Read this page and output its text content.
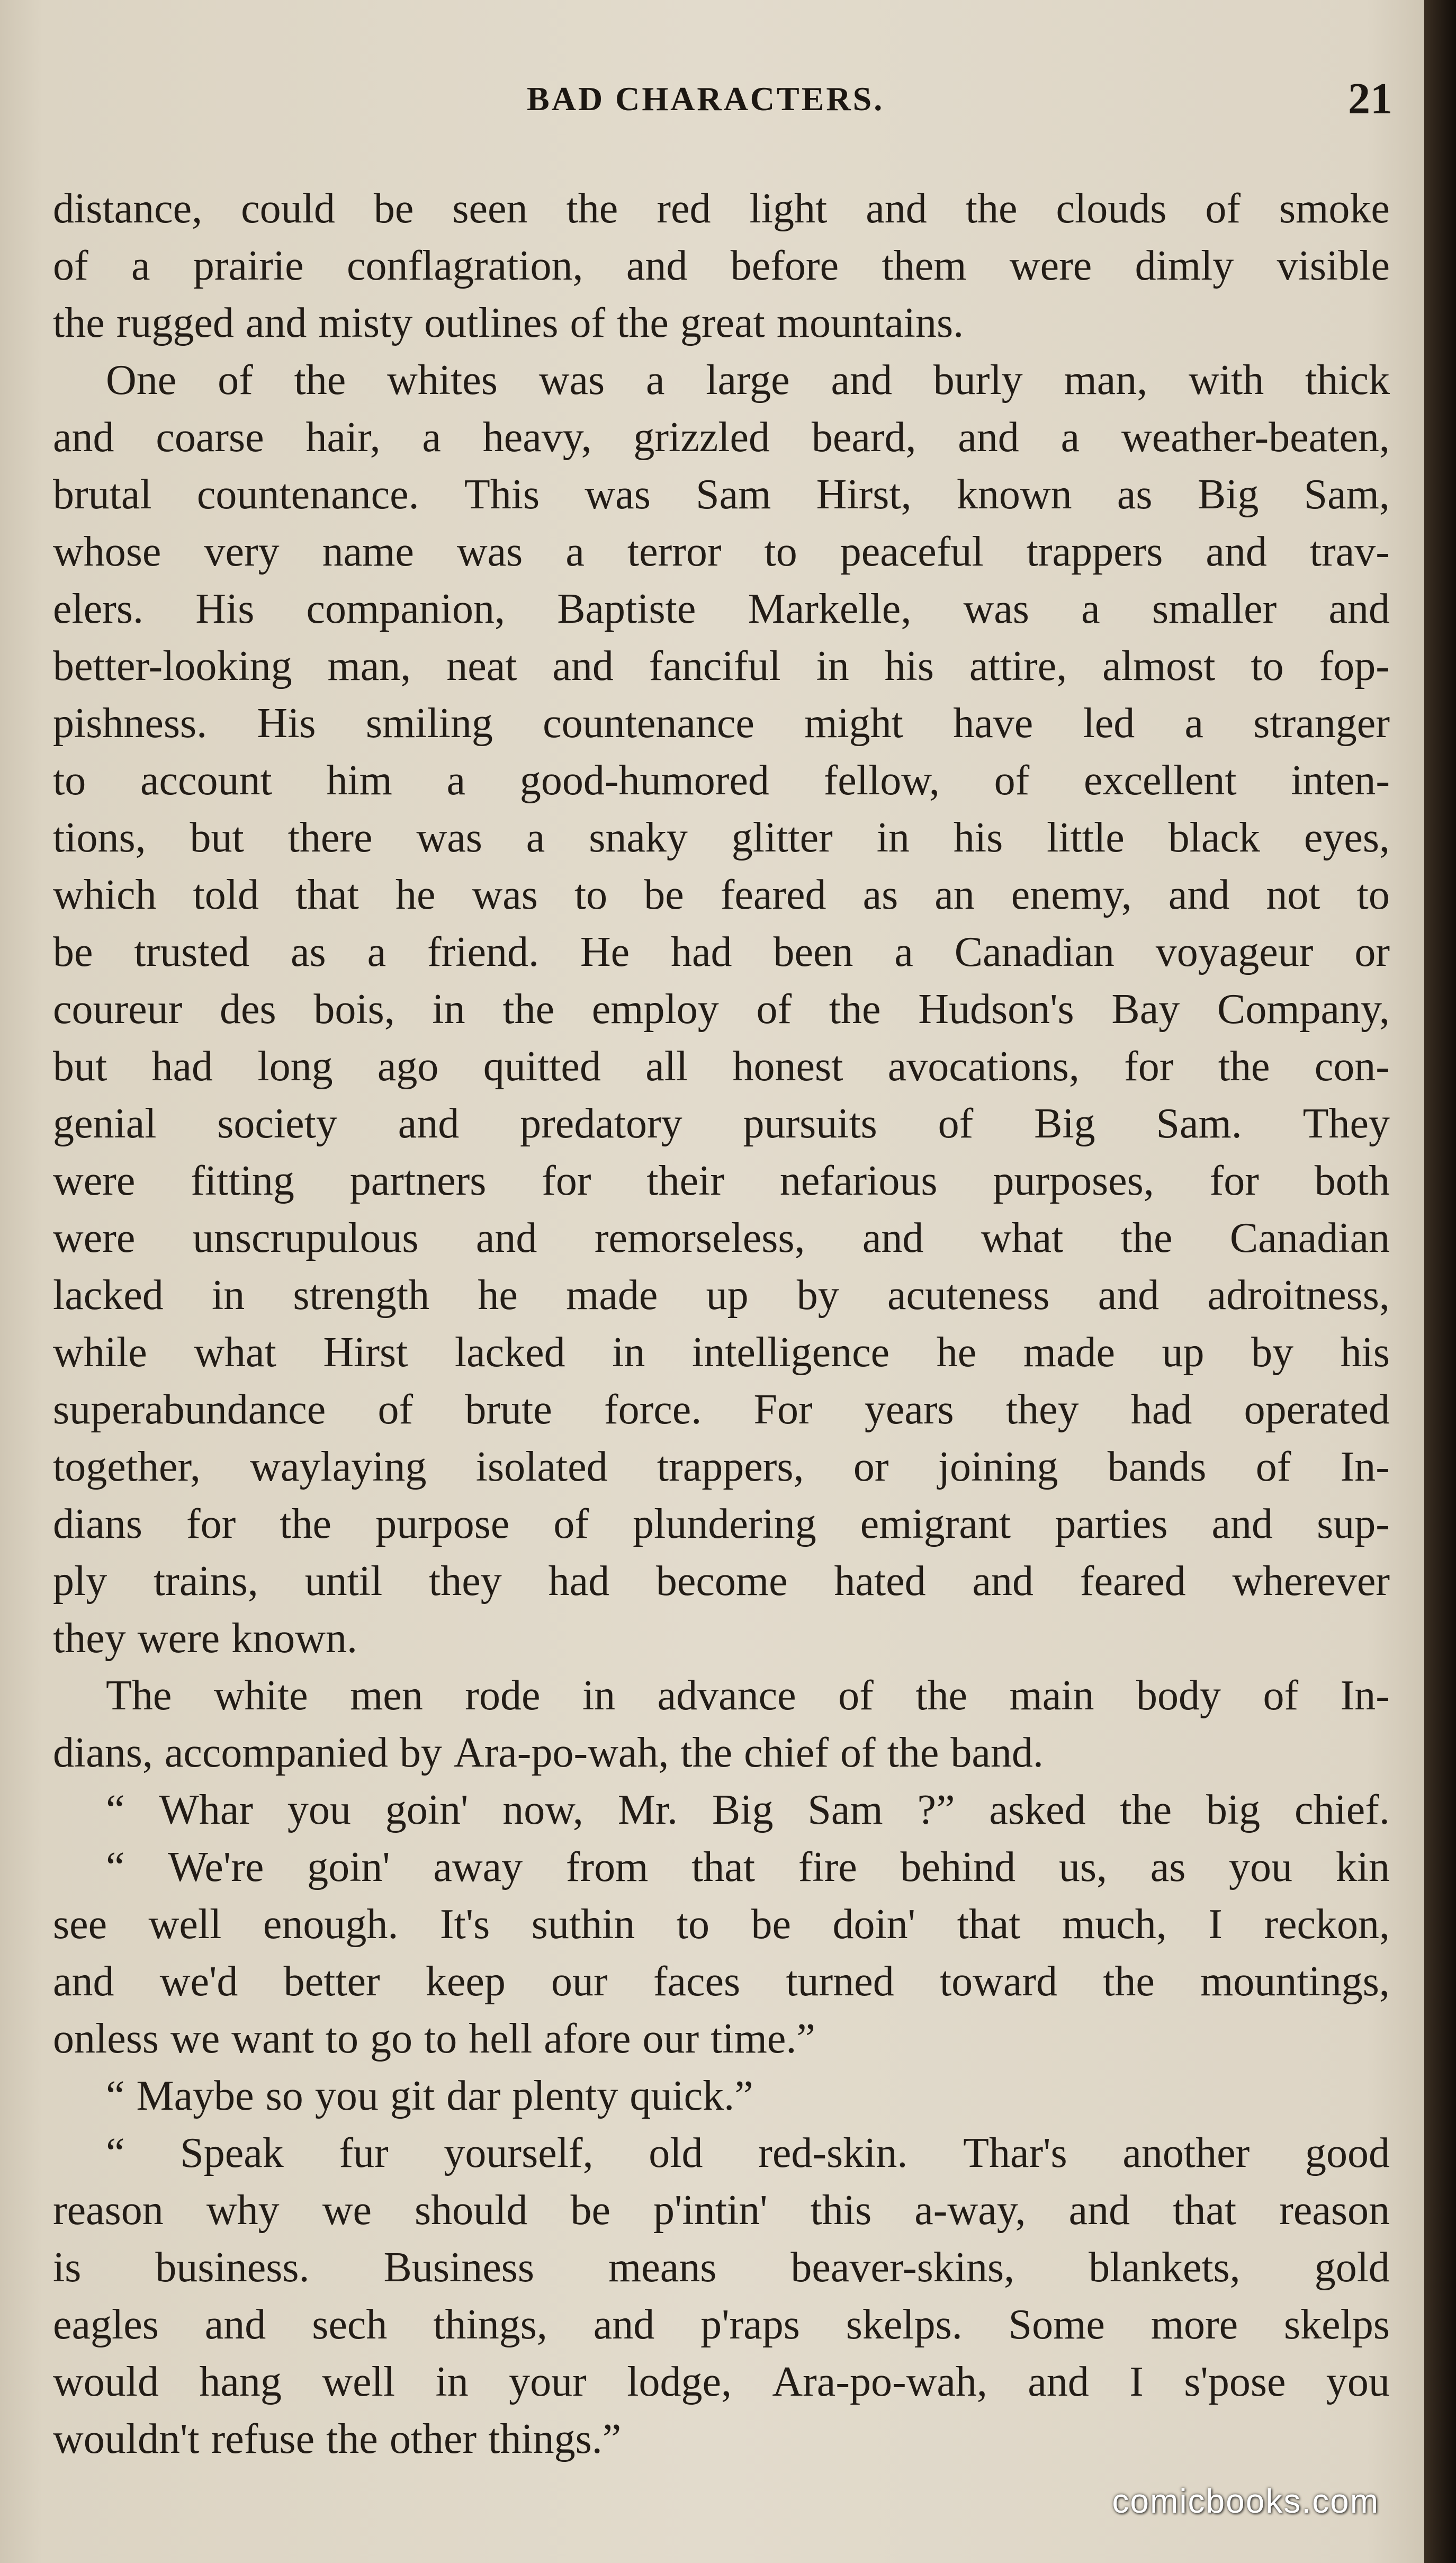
BAD CHARACTERS.	21
distance, could be seen the red light and the clouds of smoke
of a prairie conflagration, and before them were dimly visible
the rugged and misty outlines of the great mountains.
One of the whites was a large and burly man, with thick
and coarse hair, a heavy, grizzled beard, and a weather-beaten,
brutal countenance. This was Sam Hirst, known as Big Sam,
whose very name was a terror to peaceful trappers and trav-
elers. His companion, Baptiste Markelle, was a smaller and
better-looking man, neat and fanciful in his attire, almost to fop-
pishness. His smiling countenance might have led a stranger
to account him a good-humored fellow, of excellent inten-
tions, but there was a snaky glitter in his little black eyes,
which told that he was to be feared as an enemy, and not to
be trusted as a friend. He had been a Canadian voyageur or
coureur des bois, in the employ of the Hudson's Bay Company,
but had long ago quitted all honest avocations, for the con-
genial society and predatory pursuits of Big Sam. They
were fitting partners for their nefarious purposes, for both
were unscrupulous and remorseless, and what the Canadian
lacked in strength he made up by acuteness and adroitness,
while what Hirst lacked in intelligence he made up by his
superabundance of brute force. For years they had operated
together, waylaying isolated trappers, or joining bands of In-
dians for the purpose of plundering emigrant parties and sup-
ply trains, until they had become hated and feared wherever
they were known.
The white men rode in advance of the main body of In-
dians, accompanied by Ara-po-wah, the chief of the band.
“ Whar you goin' now, Mr. Big Sam ?” asked the big chief.
“ We're goin' away from that fire behind us, as you kin
see well enough. It's suthin to be doin' that much, I reckon,
and we'd better keep our faces turned toward the mountings,
onless we want to go to hell afore our time.”
“ Maybe so you git dar plenty quick.”
“ Speak fur yourself, old red-skin. Thar's another good
reason why we should be p'intin' this a-way, and that reason
is business. Business means beaver-skins, blankets, gold
eagles and sech things, and p'raps skelps. Some more skelps
would hang well in your lodge, Ara-po-wah, and I s'pose you
wouldn't refuse the other things.”
comicbooks.com
